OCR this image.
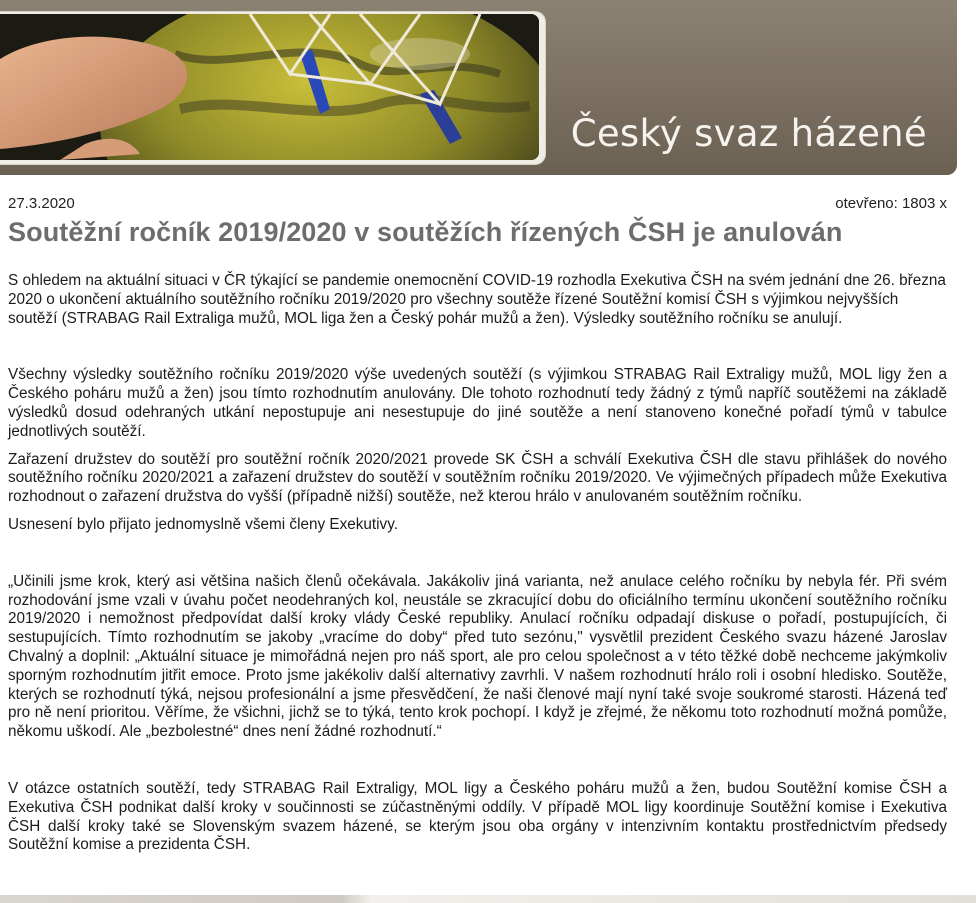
Český svaz házené
27.3.2020	otevřeno: 1803 x
Soutěžní ročník 2019/2020 v soutěžích řízených ČSH je anulován

S ohledem na aktuální situaci v ČR týkající se pandemie onemocnění COVID-19 rozhodla Exekutiva ČSH na svém jednání dne 26. března 2020 o ukončení aktuálního soutěžního ročníku 2019/2020 pro všechny soutěže řízené Soutěžní komisí ČSH s výjimkou nejvyšších soutěží (STRABAG Rail Extraliga mužů, MOL liga žen a Český pohár mužů a žen). Výsledky soutěžního ročníku se anulují.

Všechny výsledky soutěžního ročníku 2019/2020 výše uvedených soutěží (s výjimkou STRABAG Rail Extraligy mužů, MOL ligy žen a Českého poháru mužů a žen) jsou tímto rozhodnutím anulovány. Dle tohoto rozhodnutí tedy žádný z týmů napříč soutěžemi na základě výsledků dosud odehraných utkání nepostupuje ani nesestupuje do jiné soutěže a není stanoveno konečné pořadí týmů v tabulce jednotlivých soutěží.

Zařazení družstev do soutěží pro soutěžní ročník 2020/2021 provede SK ČSH a schválí Exekutiva ČSH dle stavu přihlášek do nového soutěžního ročníku 2020/2021 a zařazení družstev do soutěží v soutěžním ročníku 2019/2020. Ve výjimečných případech může Exekutiva rozhodnout o zařazení družstva do vyšší (případně nižší) soutěže, než kterou hrálo v anulovaném soutěžním ročníku.

Usnesení bylo přijato jednomyslně všemi členy Exekutivy.

„Učinili jsme krok, který asi většina našich členů očekávala. Jakákoliv jiná varianta, než anulace celého ročníku by nebyla fér. Při svém rozhodování jsme vzali v úvahu počet neodehraných kol, neustále se zkracující dobu do oficiálního termínu ukončení soutěžního ročníku 2019/2020 i nemožnost předpovídat další kroky vlády České republiky. Anulací ročníku odpadají diskuse o pořadí, postupujících, či sestupujících. Tímto rozhodnutím se jakoby „vracíme do doby“ před tuto sezónu," vysvětlil prezident Českého svazu házené Jaroslav Chvalný a doplnil: „Aktuální situace je mimořádná nejen pro náš sport, ale pro celou společnost a v této těžké době nechceme jakýmkoliv sporným rozhodnutím jitřit emoce. Proto jsme jakékoliv další alternativy zavrhli. V našem rozhodnutí hrálo roli i osobní hledisko. Soutěže, kterých se rozhodnutí týká, nejsou profesionální a jsme přesvědčení, že naši členové mají nyní také svoje soukromé starosti. Házená teď pro ně není prioritou. Věříme, že všichni, jichž se to týká, tento krok pochopí. I když je zřejmé, že někomu toto rozhodnutí možná pomůže, někomu uškodí. Ale „bezbolestné“ dnes není žádné rozhodnutí.“

V otázce ostatních soutěží, tedy STRABAG Rail Extraligy, MOL ligy a Českého poháru mužů a žen, budou Soutěžní komise ČSH a Exekutiva ČSH podnikat další kroky v součinnosti se zúčastněnými oddíly. V případě MOL ligy koordinuje Soutěžní komise i Exekutiva ČSH další kroky také se Slovenským svazem házené, se kterým jsou oba orgány v intenzivním kontaktu prostřednictvím předsedy Soutěžní komise a prezidenta ČSH.
